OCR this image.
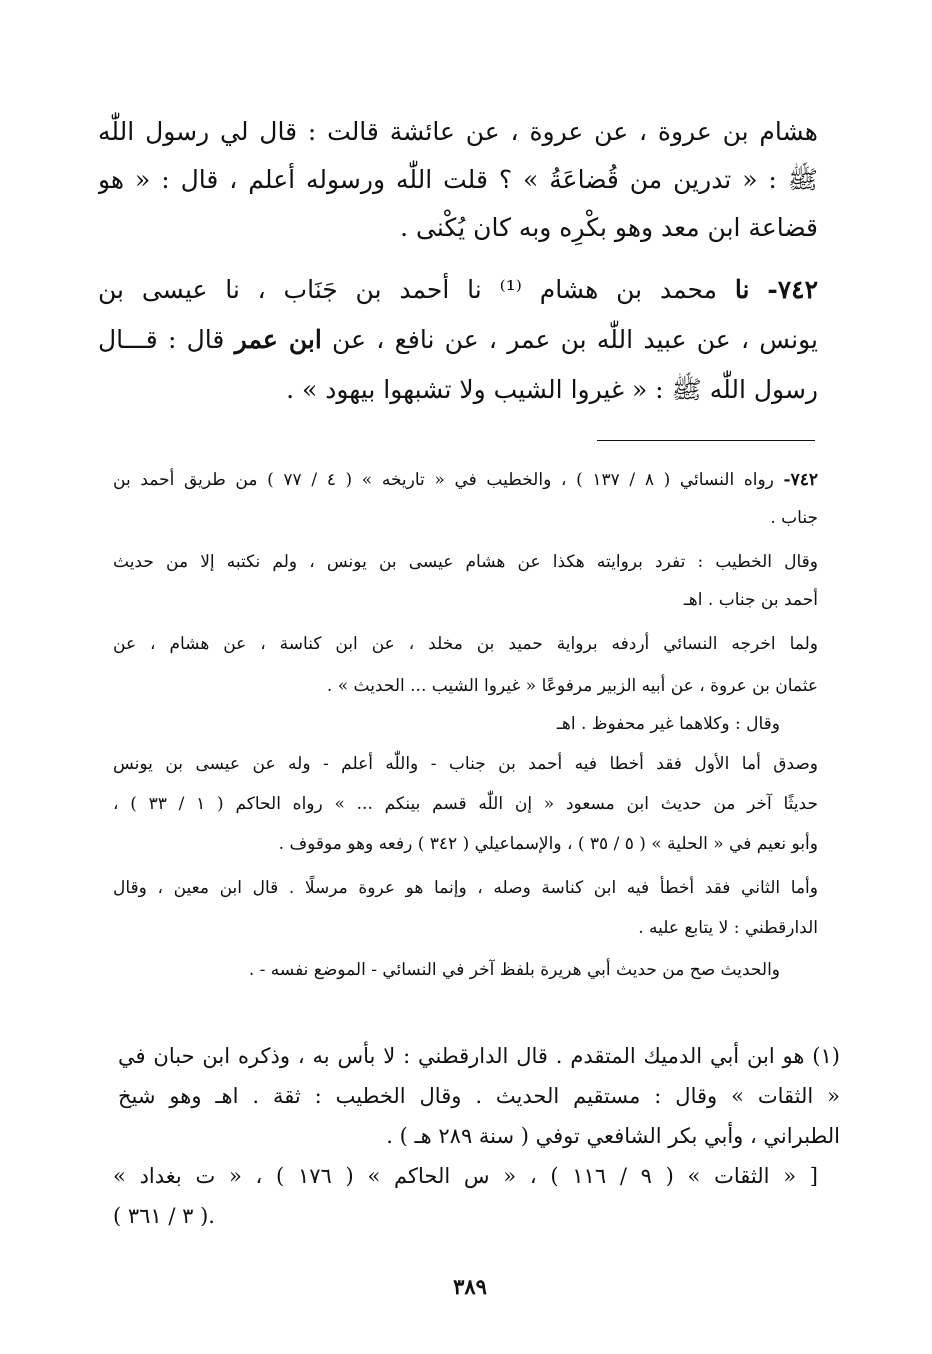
هشام بن عروة ، عن عروة ، عن عائشة قالت : قال لي رسول اللّٰه
ﷺ : « تدرين من قُضاعَةُ » ؟ قلت اللّٰه ورسوله أعلم ، قال : « هو
قضاعة ابن معد وهو بكْرِه وبه كان يُكْنى .
٧٤٢- نا محمد بن هشام ⁽¹⁾ نا أحمد بن جَنَاب ، نا عيسى بن
يونس ، عن عبيد اللّٰه بن عمر ، عن نافع ، عن ابن عمر قال : قـــال
رسول اللّٰه ﷺ : « غيروا الشيب ولا تشبهوا بيهود » .
٧٤٢- رواه النسائي ( ٨ / ١٣٧ ) ، والخطيب في « تاريخه » ( ٤ / ٧٧ ) من طريق أحمد بن
جناب .
وقال الخطيب : تفرد بروايته هكذا عن هشام عيسى بن يونس ، ولم نكتبه إلا من حديث
أحمد بن جناب . اهـ
ولما اخرجه النسائي أردفه برواية حميد بن مخلد ، عن ابن كناسة ، عن هشام ، عن
عثمان بن عروة ، عن أبيه الزبير مرفوعًا « غيروا الشيب ... الحديث » .
وقال : وكلاهما غير محفوظ . اهـ
وصدق أما الأول فقد أخطا فيه أحمد بن جناب - واللّٰه أعلم - وله عن عيسى بن يونس
حديثًا آخر من حديث ابن مسعود « إن اللّٰه قسم بينكم ... » رواه الحاكم ( ١ / ٣٣ ) ،
وأبو نعيم في « الحلية » ( ٥ / ٣٥ ) ، والإسماعيلي ( ٣٤٢ ) رفعه وهو موقوف .
وأما الثاني فقد أخطأ فيه ابن كناسة وصله ، وإنما هو عروة مرسلًا . قال ابن معين ، وقال
الدارقطني : لا يتابع عليه .
والحديث صح من حديث أبي هريرة بلفظ آخر في النسائي - الموضع نفسه - .
(١) هو ابن أبي الدميك المتقدم . قال الدارقطني : لا بأس به ، وذكره ابن حبان في
« الثقات » وقال : مستقيم الحديث . وقال الخطيب : ثقة . اهـ وهو شيخ
الطبراني ، وأبي بكر الشافعي توفي ( سنة ٢٨٩ هـ ) .
[ « الثقات » ( ٩ / ١١٦ ) ، « س الحاكم » ( ١٧٦ ) ، « ت بغداد »
( ٣ / ٣٦١ ).
٣٨٩
